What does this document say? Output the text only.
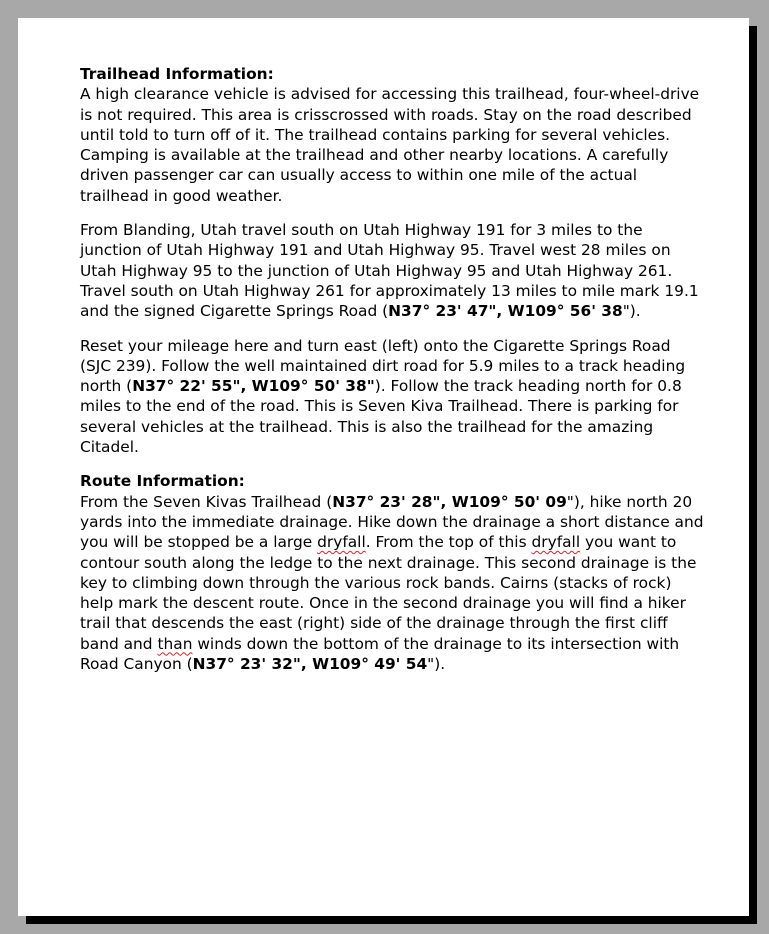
Trailhead Information:
A high clearance vehicle is advised for accessing this trailhead, four-wheel-drive is not required. This area is crisscrossed with roads. Stay on the road described until told to turn off of it. The trailhead contains parking for several vehicles. Camping is available at the trailhead and other nearby locations. A carefully driven passenger car can usually access to within one mile of the actual trailhead in good weather.

From Blanding, Utah travel south on Utah Highway 191 for 3 miles to the junction of Utah Highway 191 and Utah Highway 95. Travel west 28 miles on Utah Highway 95 to the junction of Utah Highway 95 and Utah Highway 261. Travel south on Utah Highway 261 for approximately 13 miles to mile mark 19.1 and the signed Cigarette Springs Road (N37° 23' 47", W109° 56' 38").

Reset your mileage here and turn east (left) onto the Cigarette Springs Road (SJC 239). Follow the well maintained dirt road for 5.9 miles to a track heading north (N37° 22' 55", W109° 50' 38"). Follow the track heading north for 0.8 miles to the end of the road. This is Seven Kiva Trailhead. There is parking for several vehicles at the trailhead. This is also the trailhead for the amazing Citadel.

Route Information:
From the Seven Kivas Trailhead (N37° 23' 28", W109° 50' 09"), hike north 20 yards into the immediate drainage. Hike down the drainage a short distance and you will be stopped be a large dryfall. From the top of this dryfall you want to contour south along the ledge to the next drainage. This second drainage is the key to climbing down through the various rock bands. Cairns (stacks of rock) help mark the descent route. Once in the second drainage you will find a hiker trail that descends the east (right) side of the drainage through the first cliff band and than winds down the bottom of the drainage to its intersection with Road Canyon (N37° 23' 32", W109° 49' 54").
